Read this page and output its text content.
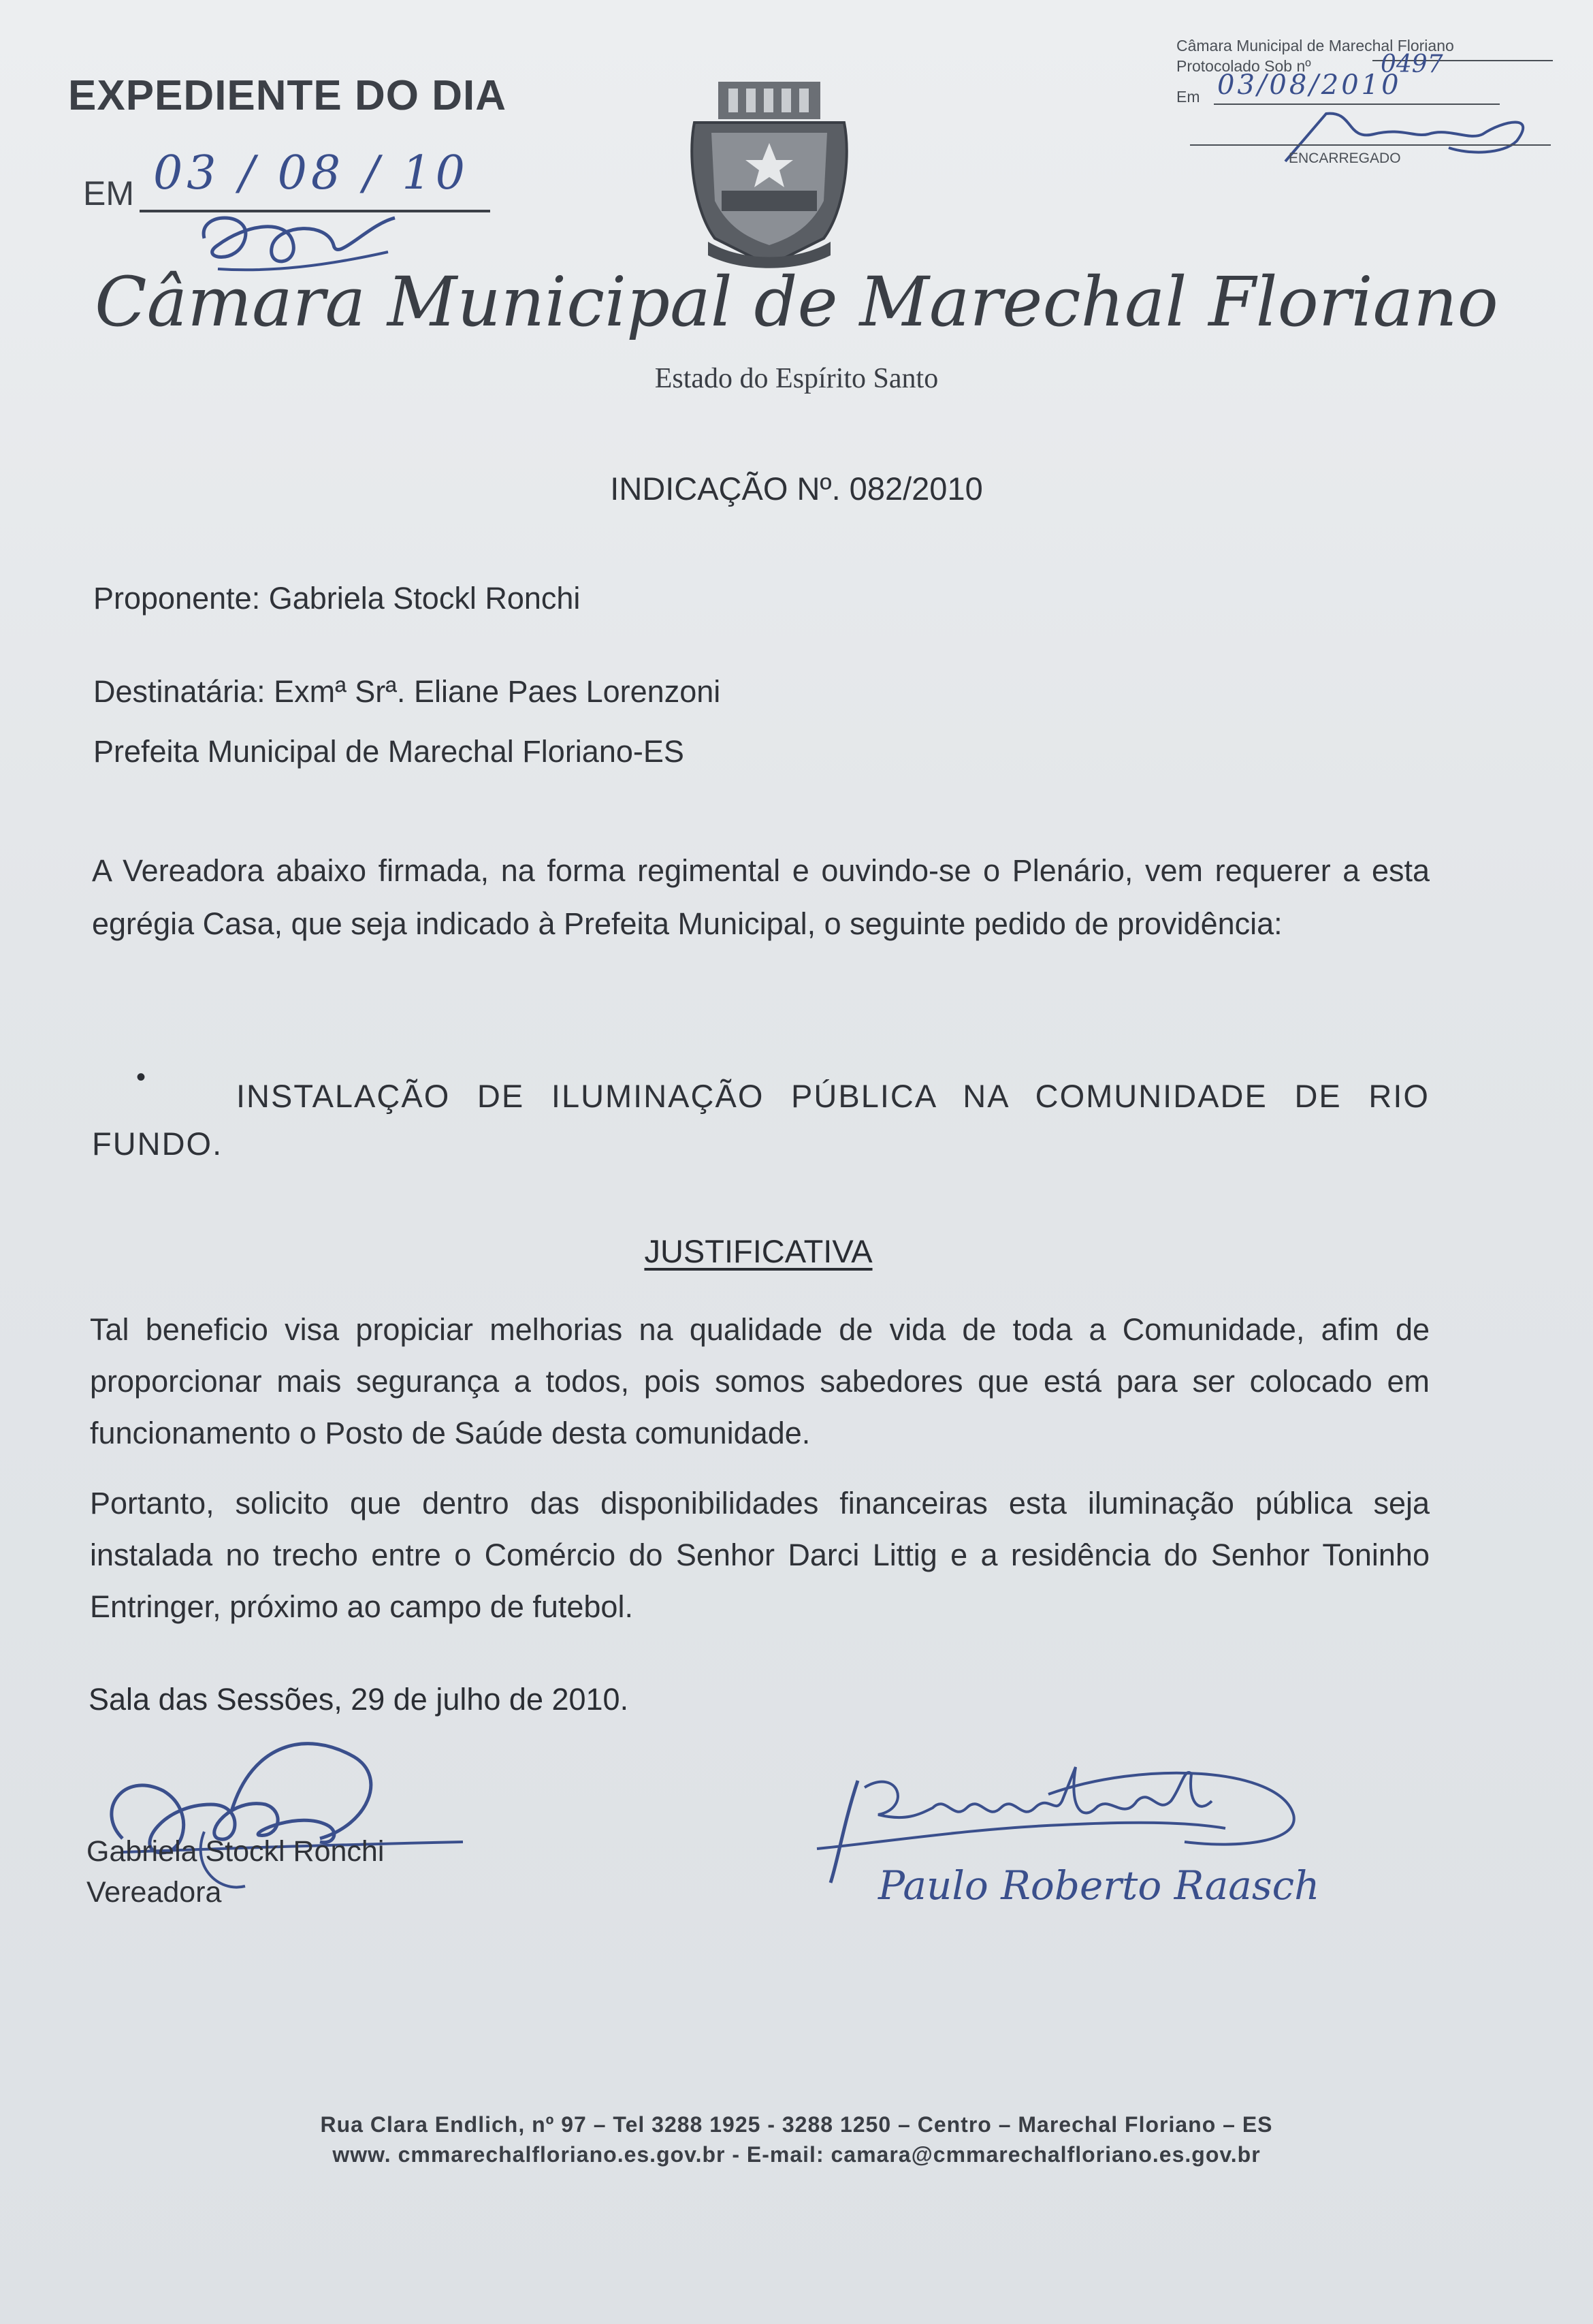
EXPEDIENTE DO DIA
EM 03 / 08 / 10
Câmara Municipal de Marechal Floriano
Protocolado Sob nº	0497
Em 03/08/2010
ENCARREGADO
Câmara Municipal de Marechal Floriano
Estado do Espírito Santo
INDICAÇÃO Nº. 082/2010
Proponente: Gabriela Stockl Ronchi
Destinatária: Exmª Srª. Eliane Paes Lorenzoni
Prefeita Municipal de Marechal Floriano-ES
A Vereadora abaixo firmada, na forma regimental e ouvindo-se o Plenário, vem requerer a esta egrégia Casa, que seja indicado à Prefeita Municipal, o seguinte pedido de providência:
•
INSTALAÇÃO DE ILUMINAÇÃO PÚBLICA NA COMUNIDADE DE RIO FUNDO.
JUSTIFICATIVA
Tal beneficio visa propiciar melhorias na qualidade de vida de toda a Comunidade, afim de proporcionar mais segurança a todos, pois somos sabedores que está para ser colocado em funcionamento o Posto de Saúde desta comunidade.
Portanto, solicito que dentro das disponibilidades financeiras esta iluminação pública seja instalada no trecho entre o Comércio do Senhor Darci Littig e a residência do Senhor Toninho Entringer, próximo ao campo de futebol.
Sala das Sessões, 29 de julho de 2010.
Gabriela Stockl Ronchi
Vereadora	Paulo Roberto Raasch
Rua Clara Endlich, nº 97 – Tel 3288 1925 - 3288 1250 – Centro – Marechal Floriano – ES
www. cmmarechalfloriano.es.gov.br - E-mail: camara@cmmarechalfloriano.es.gov.br
